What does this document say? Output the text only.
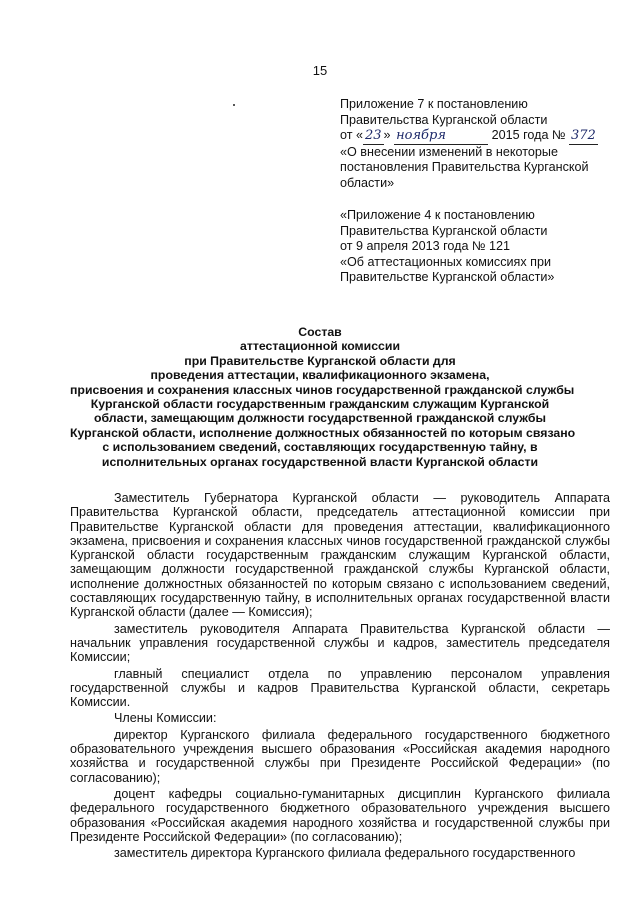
15
Приложение 7 к постановлению
Правительства Курганской области
от « 23 » ноября	2015 года № 372
«О внесении изменений в некоторые
постановления Правительства Курганской
области»
«Приложение 4 к постановлению
Правительства Курганской области
от 9 апреля 2013 года № 121
«Об аттестационных комиссиях при
Правительстве Курганской области»
Состав
аттестационной комиссии
при Правительстве Курганской области для
проведения аттестации, квалификационного экзамена,
присвоения и сохранения классных чинов государственной гражданской службы
Курганской области государственным гражданским служащим Курганской
области, замещающим должности государственной гражданской службы
Курганской области, исполнение должностных обязанностей по которым связано
с использованием сведений, составляющих государственную тайну, в
исполнительных органах государственной власти Курганской области

Заместитель Губернатора Курганской области — руководитель Аппарата Правительства Курганской области, председатель аттестационной комиссии при Правительстве Курганской области для проведения аттестации, квалификационного экзамена, присвоения и сохранения классных чинов государственной гражданской службы Курганской области государственным гражданским служащим Курганской области, замещающим должности государственной гражданской службы Курганской области, исполнение должностных обязанностей по которым связано с использованием сведений, составляющих государственную тайну, в исполнительных органах государственной власти Курганской области (далее — Комиссия);

заместитель руководителя Аппарата Правительства Курганской области — начальник управления государственной службы и кадров, заместитель председателя Комиссии;

главный специалист отдела по управлению персоналом управления государственной службы и кадров Правительства Курганской области, секретарь Комиссии.

Члены Комиссии:

директор Курганского филиала федерального государственного бюджетного образовательного учреждения высшего образования «Российская академия народного хозяйства и государственной службы при Президенте Российской Федерации» (по согласованию);

доцент кафедры социально-гуманитарных дисциплин Курганского филиала федерального государственного бюджетного образовательного учреждения высшего образования «Российская академия народного хозяйства и государственной службы при Президенте Российской Федерации» (по согласованию);

заместитель директора Курганского филиала федерального государственного
